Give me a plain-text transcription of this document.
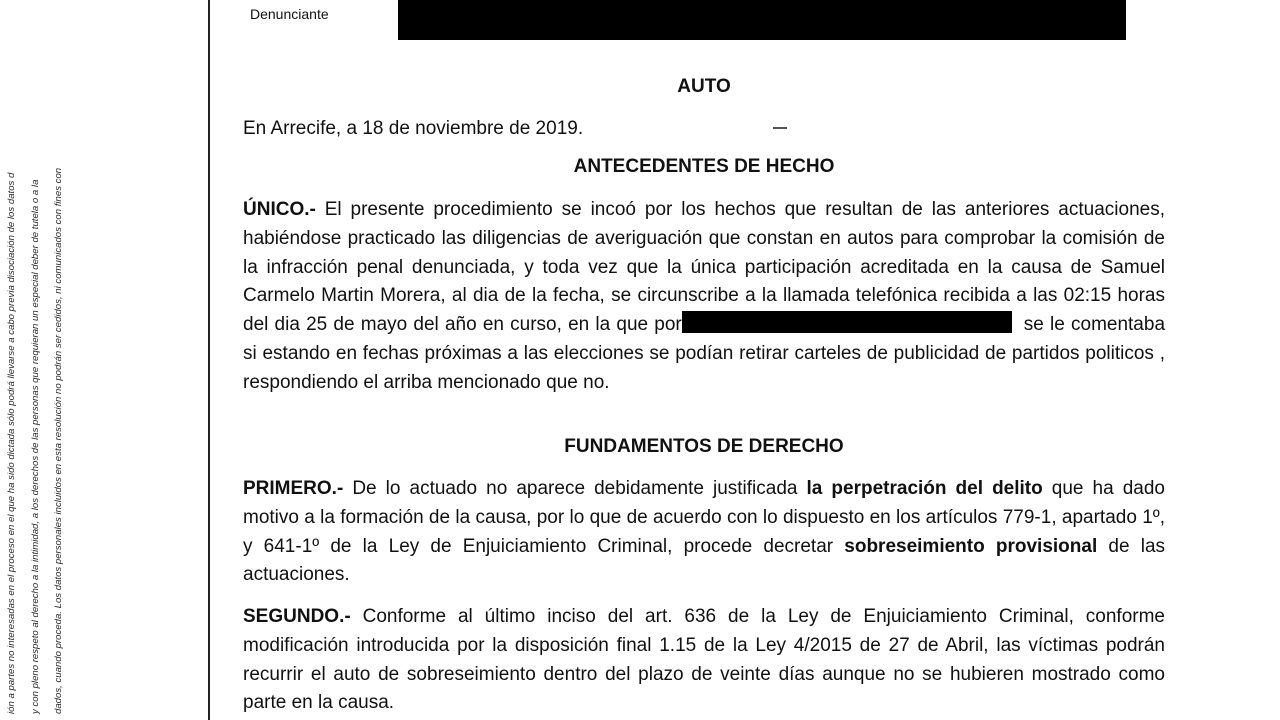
ión a partes no interesadas en el proceso en el que ha sido dictada sólo podrá llevarse a cabo previa disociación de los datos d	y con pleno respeto al derecho a la intimidad, a los derechos de las personas que requieran un especial deber de tutela o a la	dados, cuando proceda. Los datos personales incluidos en esta resolución no podrán ser cedidos, ni comunicados con fines con
Denunciante
AUTO
En Arrecife, a 18 de noviembre de 2019.
ANTECEDENTES DE HECHO

ÚNICO.- El presente procedimiento se incoó por los hechos que resultan de las anteriores actuaciones, habiéndose practicado las diligencias de averiguación que constan en autos para comprobar la comisión de la infracción penal denunciada, y toda vez que la única participación acreditada en la causa de Samuel Carmelo Martin Morera, al dia de la fecha, se circunscribe a la llamada telefónica recibida a las 02:15 horas del dia 25 de mayo del año en curso, en la que por	se le comentaba si estando en fechas próximas a las elecciones se podían retirar carteles de publicidad de partidos politicos , respondiendo el arriba mencionado que no.

FUNDAMENTOS DE DERECHO

PRIMERO.- De lo actuado no aparece debidamente justificada la perpetración del delito que ha dado motivo a la formación de la causa, por lo que de acuerdo con lo dispuesto en los artículos 779-1, apartado 1º, y 641-1º de la Ley de Enjuiciamiento Criminal, procede decretar sobreseimiento provisional de las actuaciones.

SEGUNDO.- Conforme al último inciso del art. 636 de la Ley de Enjuiciamiento Criminal, conforme modificación introducida por la disposición final 1.15 de la Ley 4/2015 de 27 de Abril, las víctimas podrán recurrir el auto de sobreseimiento dentro del plazo de veinte días aunque no se hubieren mostrado como parte en la causa.
